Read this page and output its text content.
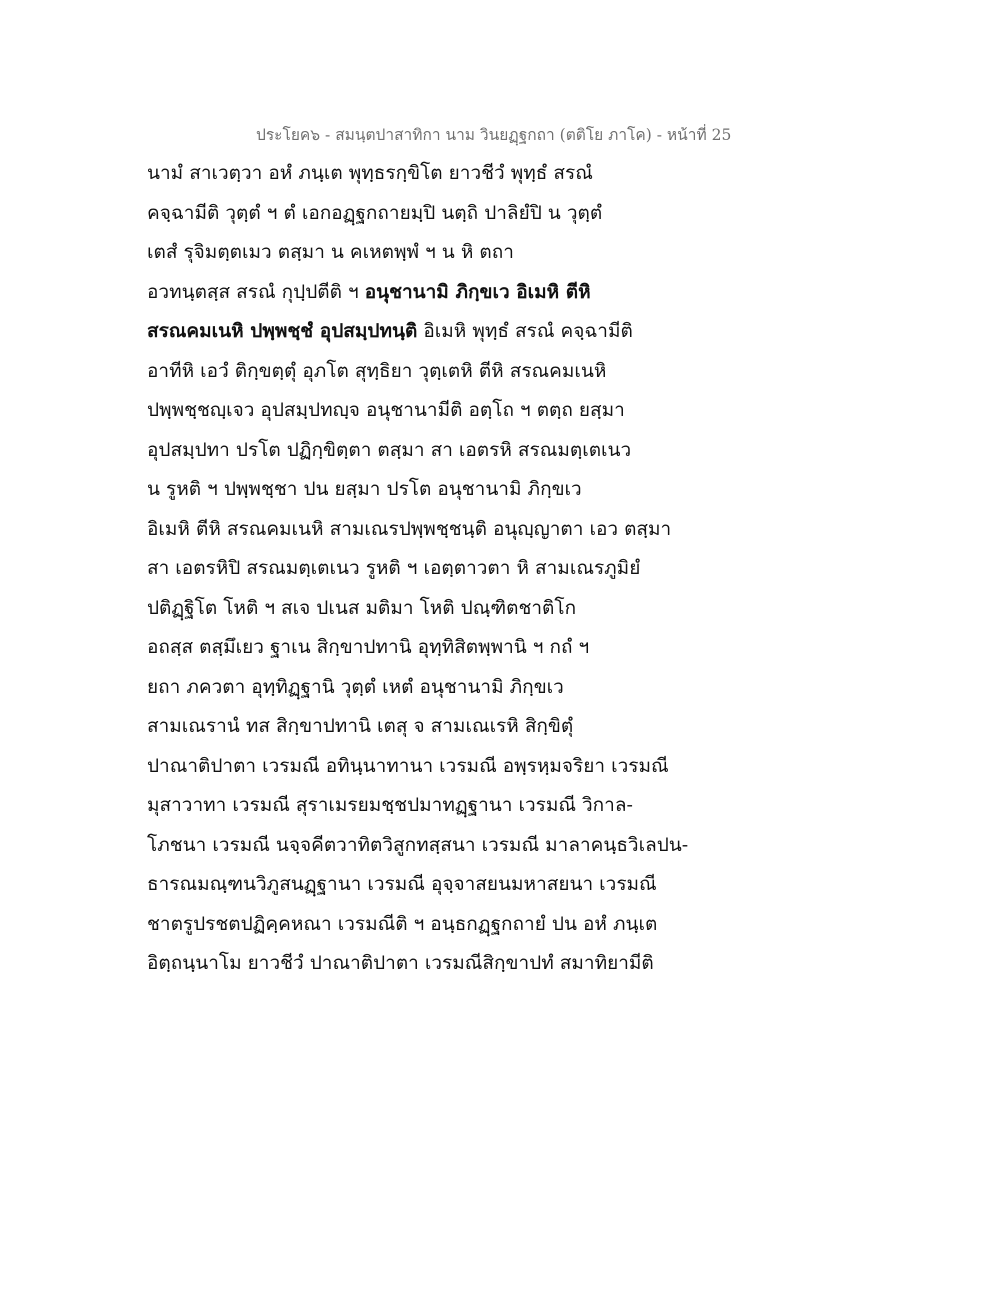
ประโยค๖ - สมนฺตปาสาทิกา นาม วินยฏฺฐกถา (ตติโย ภาโค) - หน้าที่ 25
นามํ สาเวตฺวา อหํ ภนฺเต พุทฺธรกฺขิโต ยาวชีวํ พุทฺธํ สรณํ
คจฺฉามีติ วุตฺตํ ฯ ตํ เอกอฏฺฐกถายมฺปิ นตฺถิ ปาลิยํปิ น วุตฺตํ
เตสํ รุจิมตฺตเมว ตสฺมา น คเหตพฺพํ ฯ น หิ ตถา
อวทนฺตสฺส สรณํ กุปฺปตีติ ฯ อนุชานามิ ภิกฺขเว อิเมหิ ตีหิ
สรณคมเนหิ ปพฺพชฺชํ อุปสมฺปทนฺติ อิเมหิ พุทฺธํ สรณํ คจฺฉามีติ
อาทีหิ เอวํ ติกฺขตฺตุํ อุภโต สุทฺธิยา วุตฺเตหิ ตีหิ สรณคมเนหิ
ปพฺพชฺชญฺเจว อุปสมฺปทญฺจ อนุชานามีติ อตฺโถ ฯ ตตฺถ ยสฺมา
อุปสมฺปทา ปรโต ปฏิกฺขิตฺตา ตสฺมา สา เอตรหิ สรณมตฺเตเนว
น รูหติ ฯ ปพฺพชฺชา ปน ยสฺมา ปรโต อนุชานามิ ภิกฺขเว
อิเมหิ ตีหิ สรณคมเนหิ สามเณรปพฺพชฺชนฺติ อนุญฺญาตา เอว ตสฺมา
สา เอตรหิปิ สรณมตฺเตเนว รูหติ ฯ เอตฺตาวตา หิ สามเณรภูมิยํ
ปติฏฺฐิโต โหติ ฯ สเจ ปเนส มติมา โหติ ปณฺฑิตชาติโก
อถสฺส ตสฺมึเยว ฐาเน สิกฺขาปทานิ อุทฺทิสิตพฺพานิ ฯ กถํ ฯ
ยถา ภควตา อุทฺทิฏฺฐานิ วุตฺตํ เหตํ อนุชานามิ ภิกฺขเว
สามเณรานํ ทส สิกฺขาปทานิ เตสุ จ สามเณเรหิ สิกฺขิตุํ
ปาณาติปาตา เวรมณี อทินฺนาทานา เวรมณี อพฺรหฺมจริยา เวรมณี
มุสาวาทา เวรมณี สุราเมรยมชฺชปมาทฏฺฐานา เวรมณี วิกาล-
โภชนา เวรมณี นจฺจคีตวาทิตวิสูกทสฺสนา เวรมณี มาลาคนฺธวิเลปน-
ธารณมณฺฑนวิภูสนฏฺฐานา เวรมณี อุจฺจาสยนมหาสยนา เวรมณี
ชาตรูปรชตปฏิคฺคหณา เวรมณีติ ฯ อนฺธกฏฺฐกถายํ ปน อหํ ภนฺเต
อิตฺถนฺนาโม ยาวชีวํ ปาณาติปาตา เวรมณีสิกฺขาปทํ สมาทิยามีติ
